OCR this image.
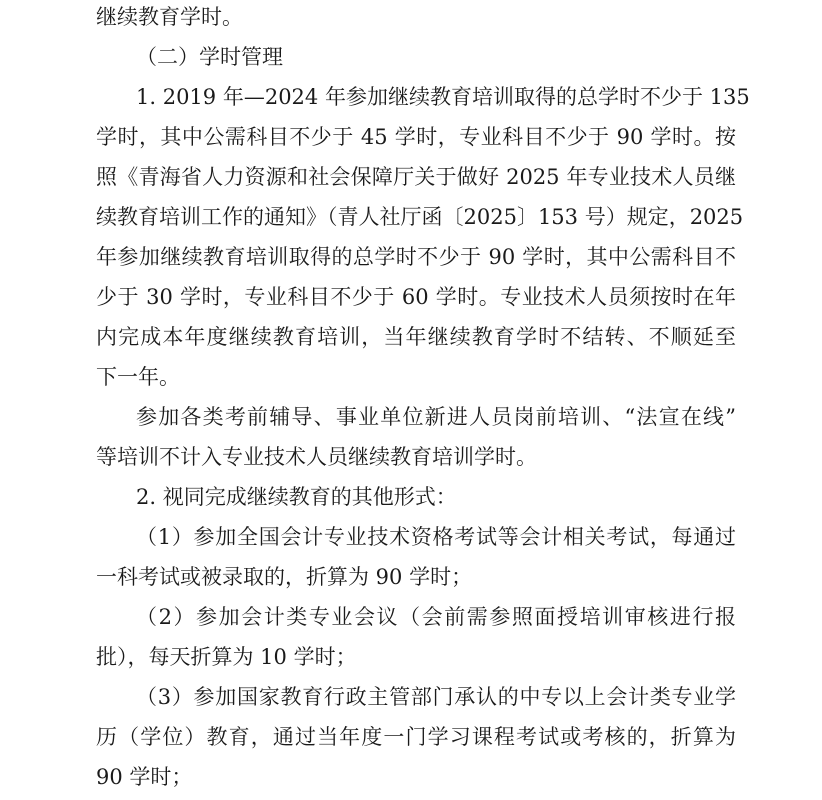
继续教育学时。
（二）学时管理
1. 2019 年—2024 年参加继续教育培训取得的总学时不少于 135
学时，其中公需科目不少于 45 学时，专业科目不少于 90 学时。按
照《青海省人力资源和社会保障厅关于做好 2025 年专业技术人员继
续教育培训工作的通知》（青人社厅函〔2025〕153 号）规定，2025
年参加继续教育培训取得的总学时不少于 90 学时，其中公需科目不
少于 30 学时，专业科目不少于 60 学时。专业技术人员须按时在年
内完成本年度继续教育培训，当年继续教育学时不结转、不顺延至
下一年。
参加各类考前辅导、事业单位新进人员岗前培训、“法宣在线”
等培训不计入专业技术人员继续教育培训学时。
2. 视同完成继续教育的其他形式：
（1）参加全国会计专业技术资格考试等会计相关考试，每通过
一科考试或被录取的，折算为 90 学时；
（2）参加会计类专业会议（会前需参照面授培训审核进行报
批），每天折算为 10 学时；
（3）参加国家教育行政主管部门承认的中专以上会计类专业学
历（学位）教育，通过当年度一门学习课程考试或考核的，折算为
90 学时；
